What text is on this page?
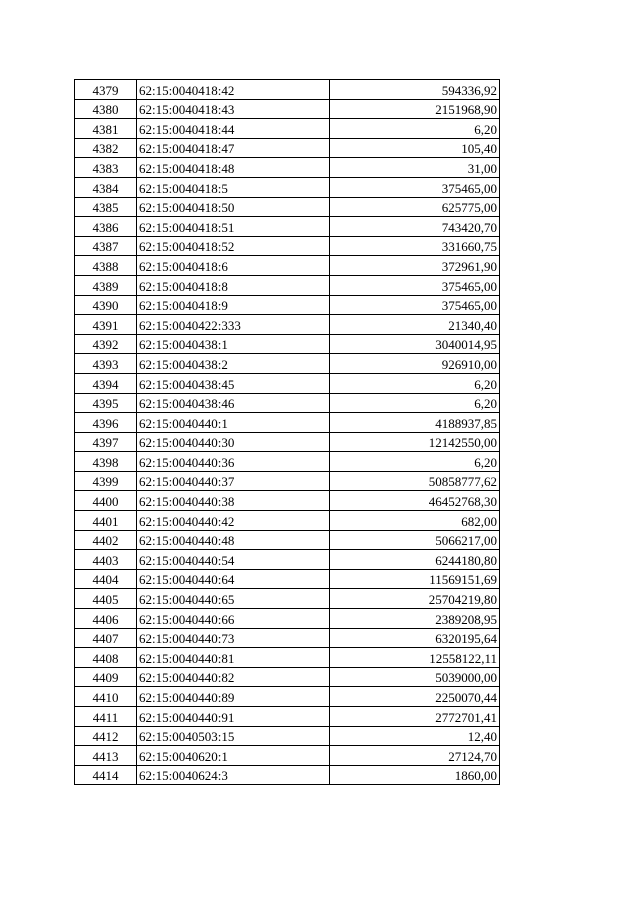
4379	62:15:0040418:42	594336,92
4380	62:15:0040418:43	2151968,90
4381	62:15:0040418:44	6,20
4382	62:15:0040418:47	105,40
4383	62:15:0040418:48	31,00
4384	62:15:0040418:5	375465,00
4385	62:15:0040418:50	625775,00
4386	62:15:0040418:51	743420,70
4387	62:15:0040418:52	331660,75
4388	62:15:0040418:6	372961,90
4389	62:15:0040418:8	375465,00
4390	62:15:0040418:9	375465,00
4391	62:15:0040422:333	21340,40
4392	62:15:0040438:1	3040014,95
4393	62:15:0040438:2	926910,00
4394	62:15:0040438:45	6,20
4395	62:15:0040438:46	6,20
4396	62:15:0040440:1	4188937,85
4397	62:15:0040440:30	12142550,00
4398	62:15:0040440:36	6,20
4399	62:15:0040440:37	50858777,62
4400	62:15:0040440:38	46452768,30
4401	62:15:0040440:42	682,00
4402	62:15:0040440:48	5066217,00
4403	62:15:0040440:54	6244180,80
4404	62:15:0040440:64	11569151,69
4405	62:15:0040440:65	25704219,80
4406	62:15:0040440:66	2389208,95
4407	62:15:0040440:73	6320195,64
4408	62:15:0040440:81	12558122,11
4409	62:15:0040440:82	5039000,00
4410	62:15:0040440:89	2250070,44
4411	62:15:0040440:91	2772701,41
4412	62:15:0040503:15	12,40
4413	62:15:0040620:1	27124,70
4414	62:15:0040624:3	1860,00
